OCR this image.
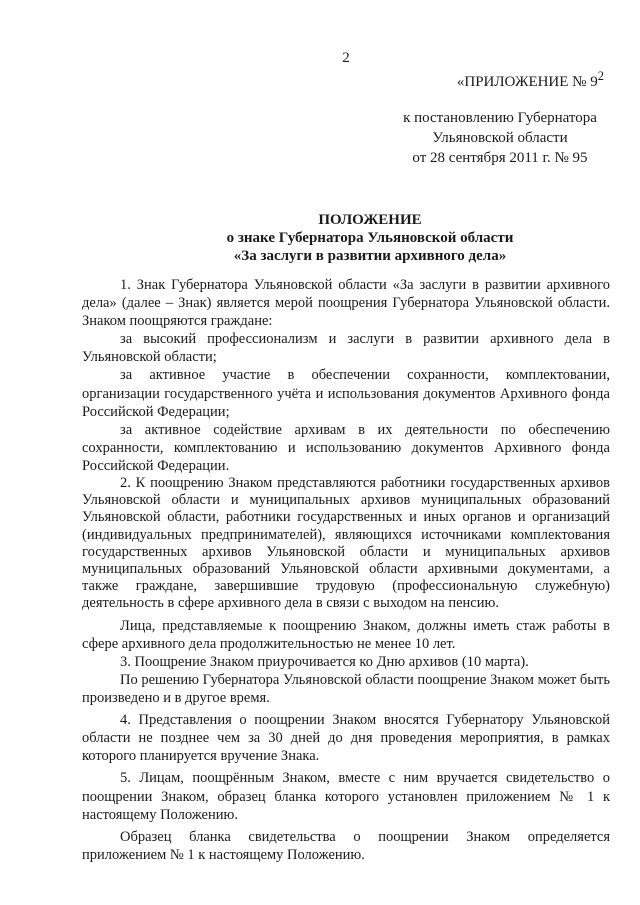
2
«ПРИЛОЖЕНИЕ № $9^2$
к постановлению Губернатора
Ульяновской области
от 28 сентября 2011 г. № 95
ПОЛОЖЕНИЕ
о знаке Губернатора Ульяновской области
«За заслуги в развитии архивного дела»

1. Знак Губернатора Ульяновской области «За заслуги в развитии архивного дела» (далее – Знак) является мерой поощрения Губернатора Ульяновской области. Знаком поощряются граждане:

за высокий профессионализм и заслуги в развитии архивного дела в Ульяновской области;

за активное участие в обеспечении сохранности, комплектовании, организации государственного учёта и использования документов Архивного фонда Российской Федерации;

за активное содействие архивам в их деятельности по обеспечению сохранности, комплектованию и использованию документов Архивного фонда Российской Федерации.

2. К поощрению Знаком представляются работники государственных архивов Ульяновской области и муниципальных архивов муниципальных образований Ульяновской области, работники государственных и иных органов и организаций (индивидуальных предпринимателей), являющихся источниками комплектования государственных архивов Ульяновской области и муниципальных архивов муниципальных образований Ульяновской области архивными документами, а также граждане, завершившие трудовую (профессиональную служебную) деятельность в сфере архивного дела в связи с выходом на пенсию.

Лица, представляемые к поощрению Знаком, должны иметь стаж работы в сфере архивного дела продолжительностью не менее 10 лет.

3. Поощрение Знаком приурочивается ко Дню архивов (10 марта).

По решению Губернатора Ульяновской области поощрение Знаком может быть произведено и в другое время.

4. Представления о поощрении Знаком вносятся Губернатору Ульяновской области не позднее чем за 30 дней до дня проведения мероприятия, в рамках которого планируется вручение Знака.

5. Лицам, поощрённым Знаком, вместе с ним вручается свидетельство о поощрении Знаком, образец бланка которого установлен приложением № 1 к настоящему Положению.

Образец бланка свидетельства о поощрении Знаком определяется приложением № 1 к настоящему Положению.
